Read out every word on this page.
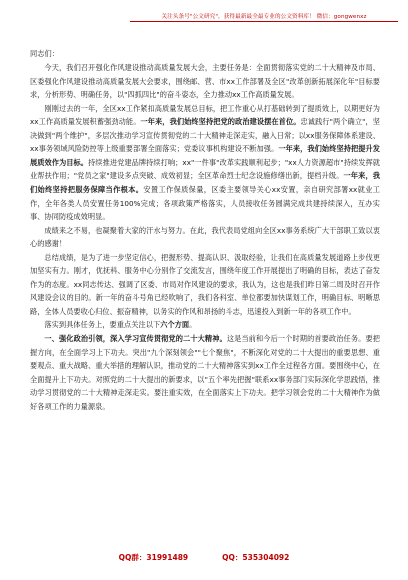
关注头条号"公文研究"，获得最新最全最专业的公文资料库！ 微信：gongwenxz

同志们：

今天，我们召开强化作风建设推动高质量发展大会，主要任务是：全面贯彻落实党的二十大精神及市局、区委强化作风建设推动高质量发展大会要求，围绕邮、营、市xx工作部署及全区"改革创新拓展深化年"目标要求，分析形势、明确任务，以"四抓四比"的奋斗姿态，全力推动xx工作高质量发展。

刚刚过去的一年，全区xx工作紧扣高质量发展总目标，把工作重心从打基础转到了提质效上，以期更好为xx工作高质量发展积蓄强劲动能。一年来，我们始终坚持把党的政治建设摆在首位。忠诚践行"两个确立"，坚决做到"两个维护"，多层次推动学习宣传贯彻党的二十大精神走深走实，融入日常；以xx服务保障体系建设、xx事务领域风险防控等上级重要部署全面落实；党委议事机构建设不断加强。一年来，我们始终坚持把提升发展质效作为目标。持续推进党建品牌持续打响；xx"一件事"改革实践顺利起步；"xx人力资源超市"持续发挥就业帮扶作用；"党员之家"建设多点突破、成效初显；全区革命烈士纪念设施修缮出新，提档升级。一年来，我们始终坚持把服务保障当作根本。安置工作保质保量，区委主要领导关心xx安置，亲自研究部署xx就业工作，全年各类人员安置任务100%完成；各项政策严格落实，人员接收任务圆满完成共建持续深入，互办实事、协同防疫成效明显。

成绩来之不易，也凝聚着大家的汗水与努力。在此，我代表局党组向全区xx事务系统广大干部职工致以衷心的感谢！

总结成绩，是为了进一步坚定信心，把握形势、提高认识、汲取经验，让我们在高质量发展道路上步伐更加坚实有力。刚才，优抚科、服务中心分别作了交流发言，围绕年度工作开展提出了明确的目标，表达了奋发作为的态度。xx同志传达、强调了区委、市局对作风建设的要求，我认为，这也是我们昨日第二周及时召开作风建设会议的目的。新一年的奋斗号角已经吹响了，我们各科室、单位都要加快谋划工作，明确目标、明晰思路，全体人员要收心归位、振奋精神，以务实的作风和昂扬的斗志，迅速投入到新一年的各项工作中。

落实到具体任务上，要重点关注以下六个方面。

一、强化政治引领，深入学习宣传贯彻党的二十大精神。这是当前和今后一个时期的首要政治任务。要把握方向，在全面学习上下功夫。突出"九个深刻领会""七个聚焦"，不断深化对党的二十大提出的重要思想、重要观点、重大战略、重大举措的理解认识，推动党的二十大精神落实到xx工作全过程各方面。要围绕中心，在全面提升上下功夫。对照党的二十大提出的新要求，以"五个率先把握"联系xx事务部门实际深化学思践悟，推动学习贯彻党的二十大精神走深走实。要注重实效，在全面落实上下功夫。把学习领会党的二十大精神作为做好各项工作的力量源泉。

QQ群：31991489	QQ：535304092
